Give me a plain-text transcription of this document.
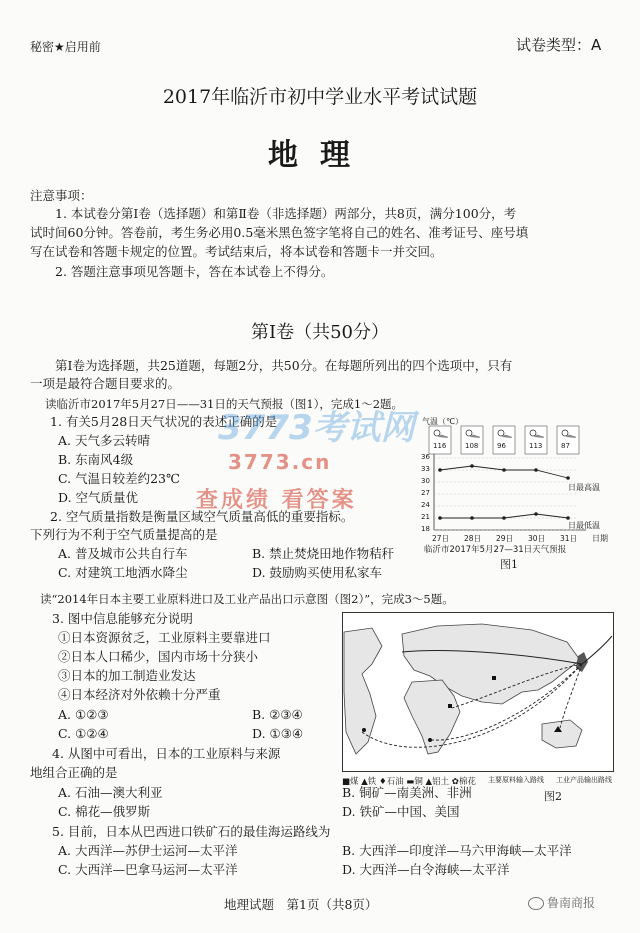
秘密★启用前	试卷类型：A
2017年临沂市初中学业水平考试试题
地理
注意事项：
1. 本试卷分第Ⅰ卷（选择题）和第Ⅱ卷（非选择题）两部分，共8页，满分100分，考
试时间60分钟。答卷前，考生务必用0.5毫米黑色签字笔将自己的姓名、准考证号、座号填
写在试卷和答题卡规定的位置。考试结束后，将本试卷和答题卡一并交回。
2. 答题注意事项见答题卡，答在本试卷上不得分。
第Ⅰ卷（共50分）
第Ⅰ卷为选择题，共25道题，每题2分，共50分。在每题所列出的四个选项中，只有
一项是最符合题目要求的。
读临沂市2017年5月27日——31日的天气预报（图1），完成1～2题。
1. 有关5月28日天气状况的表述正确的是
A. 天气多云转晴
B. 东南风4级
C. 气温日较差约23℃
D. 空气质量优
2. 空气质量指数是衡量区域空气质量高低的重要指标。
下列行为不利于空气质量提高的是
A. 普及城市公共自行车	B. 禁止焚烧田地作物秸秆
C. 对建筑工地洒水降尘	D. 鼓励购买使用私家车
气温（℃）
116	108	96	113	87
36
33
30
27
24
21
18
27日 28日 29日 30日 31日 日期
日最高温
日最低温
临沂市2017年5月27—31日天气预报
图1
读“2014年日本主要工业原料进口及工业产品出口示意图（图2）”，完成3～5题。
3. 图中信息能够充分说明
①日本资源贫乏，工业原料主要靠进口
②日本人口稀少，国内市场十分狭小
③日本的加工制造业发达
④日本经济对外依赖十分严重
A. ①②③	B. ②③④
C. ①②④	D. ①③④
4. 从图中可看出，日本的工业原料与来源
地组合正确的是
A. 石油—澳大利亚	B. 铜矿—南美洲、非洲
C. 棉花—俄罗斯	D. 铁矿—中国、美国
■煤 ▲铁 ♦石油 ▬铜 ▲铝土 ✿棉花 主要原料输入路线 工业产品输出路线
图2
5. 目前，日本从巴西进口铁矿石的最佳海运路线为
A. 大西洋—苏伊士运河—太平洋	B. 大西洋—印度洋—马六甲海峡—太平洋
C. 大西洋—巴拿马运河—太平洋	D. 大西洋—白令海峡—太平洋
地理试题　第1页（共8页）
3773考试网
3773.cn
查成绩 看答案
鲁南商报
